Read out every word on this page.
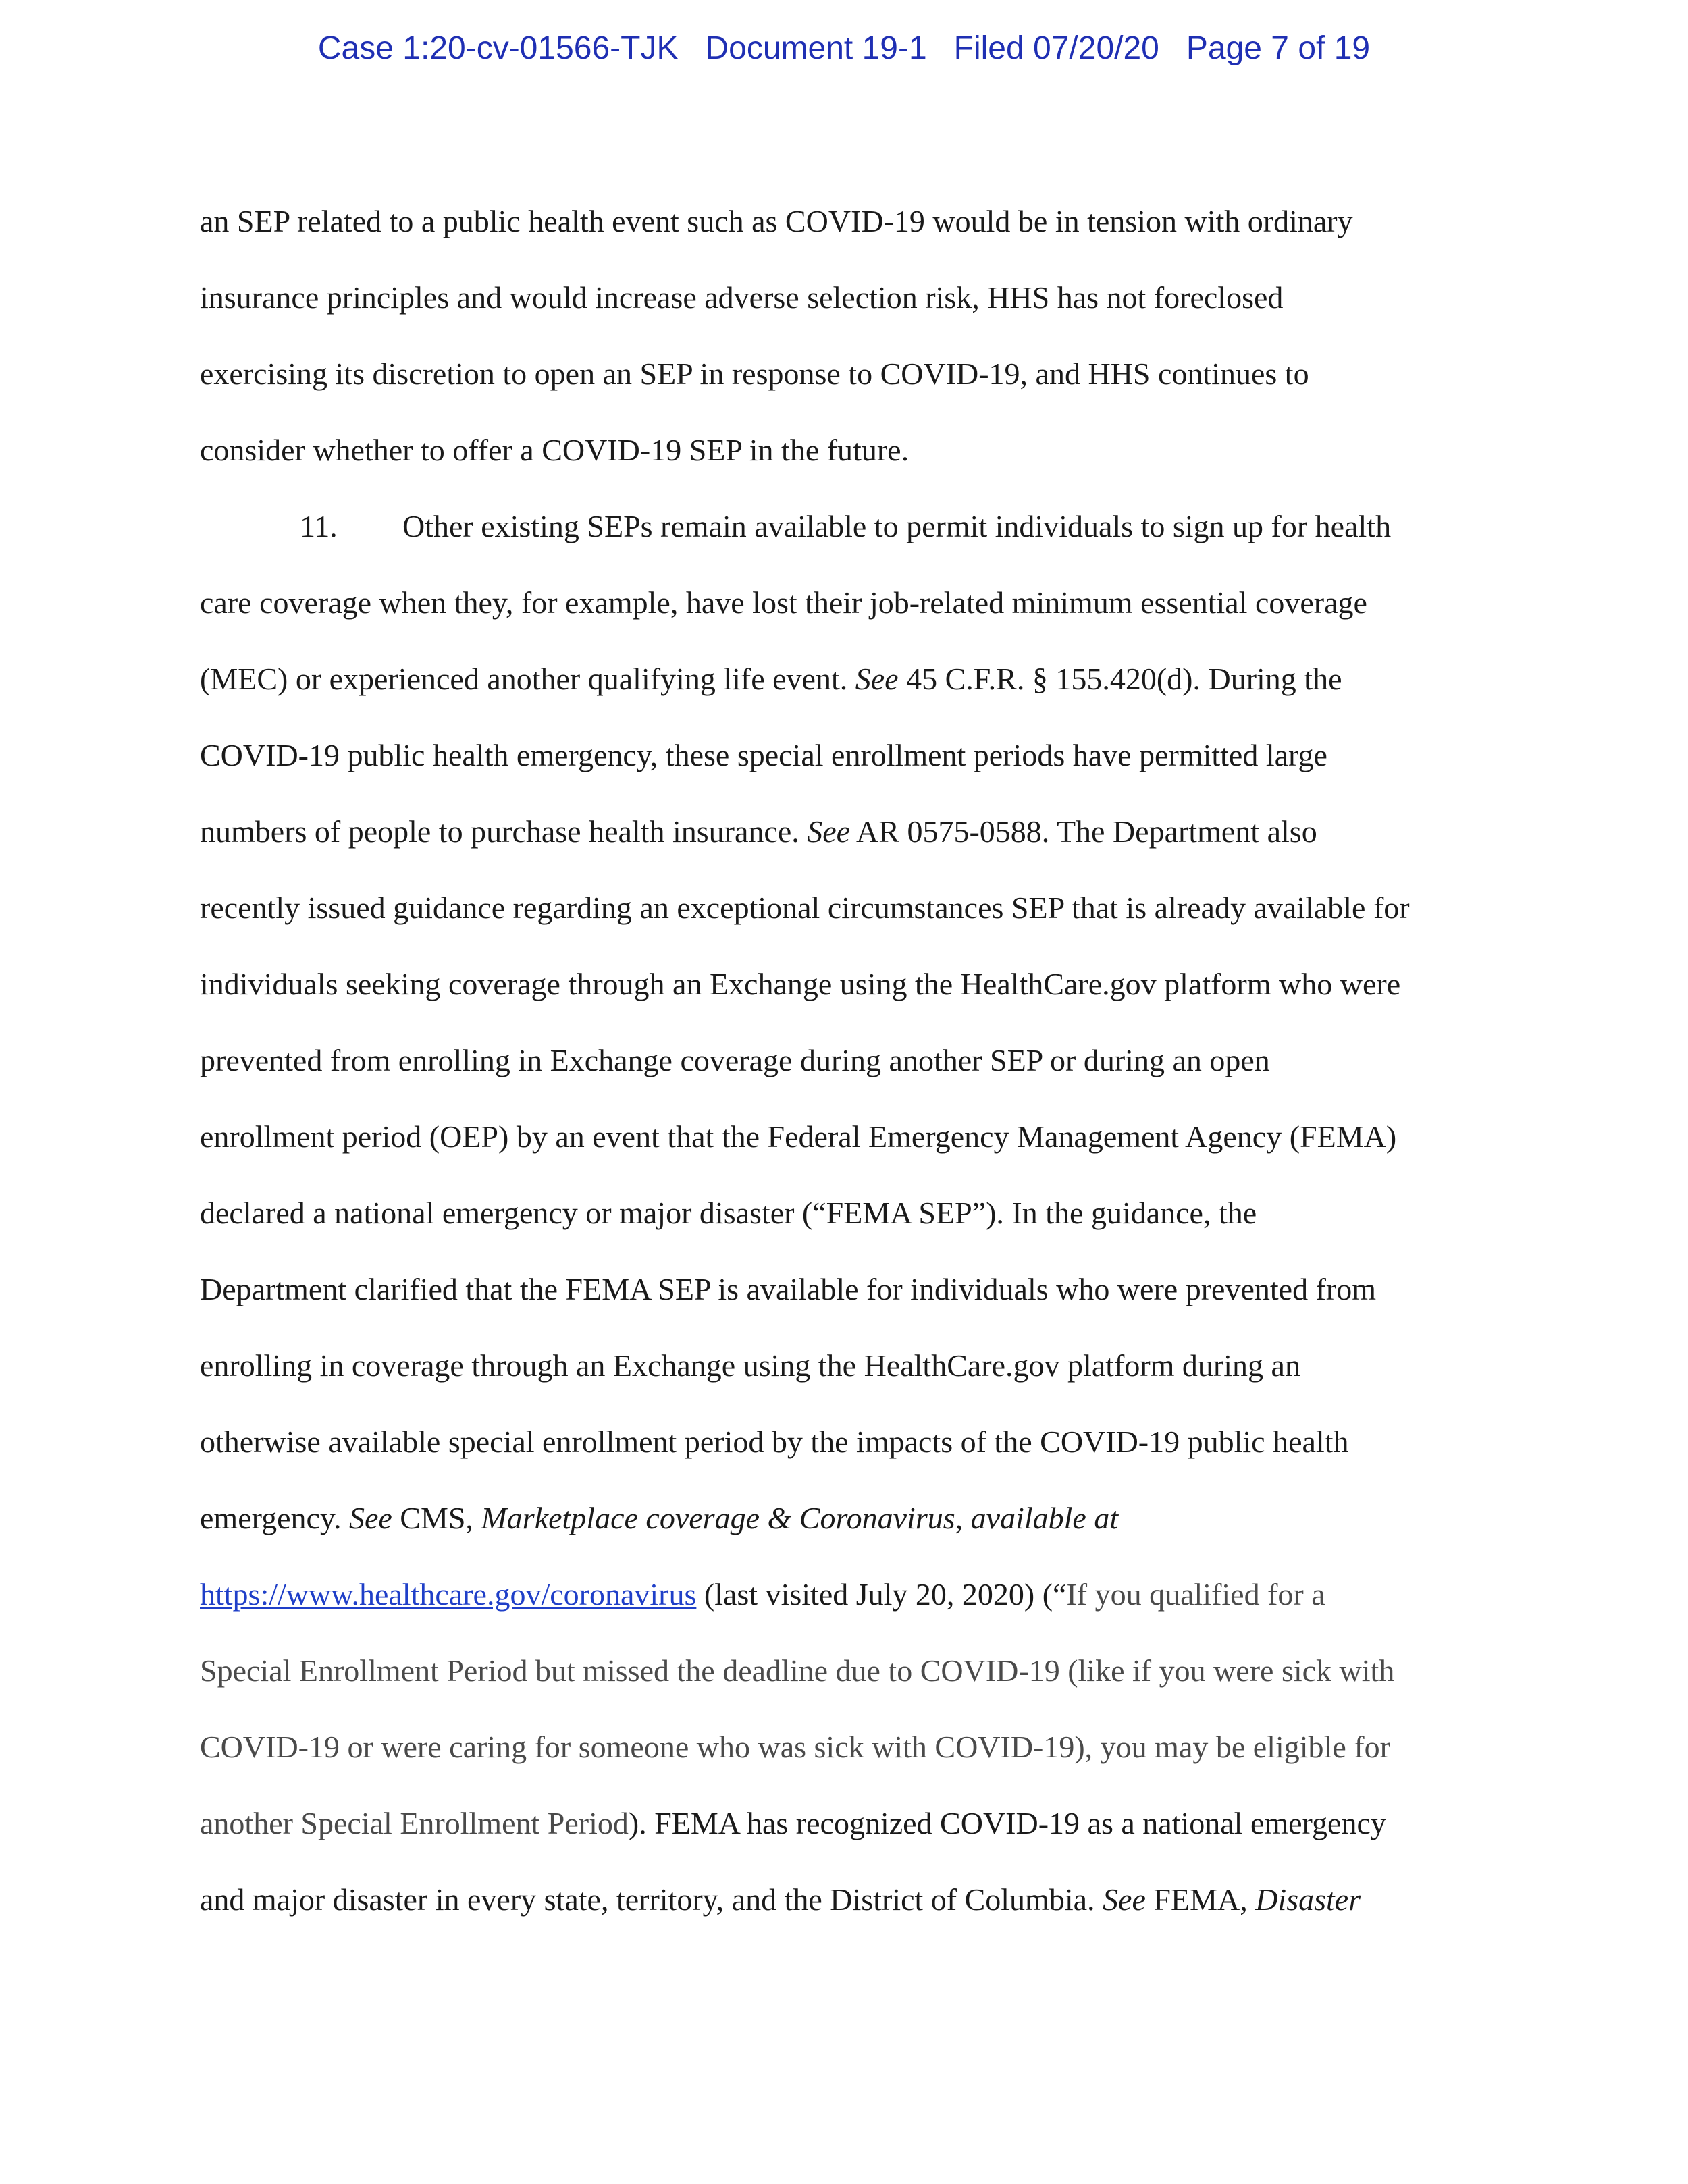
Case 1:20-cv-01566-TJK Document 19-1 Filed 07/20/20 Page 7 of 19
an SEP related to a public health event such as COVID-19 would be in tension with ordinary
insurance principles and would increase adverse selection risk, HHS has not foreclosed
exercising its discretion to open an SEP in response to COVID-19, and HHS continues to
consider whether to offer a COVID-19 SEP in the future.
11. Other existing SEPs remain available to permit individuals to sign up for health
care coverage when they, for example, have lost their job-related minimum essential coverage
(MEC) or experienced another qualifying life event. See 45 C.F.R. § 155.420(d). During the
COVID-19 public health emergency, these special enrollment periods have permitted large
numbers of people to purchase health insurance. See AR 0575-0588. The Department also
recently issued guidance regarding an exceptional circumstances SEP that is already available for
individuals seeking coverage through an Exchange using the HealthCare.gov platform who were
prevented from enrolling in Exchange coverage during another SEP or during an open
enrollment period (OEP) by an event that the Federal Emergency Management Agency (FEMA)
declared a national emergency or major disaster (“FEMA SEP”). In the guidance, the
Department clarified that the FEMA SEP is available for individuals who were prevented from
enrolling in coverage through an Exchange using the HealthCare.gov platform during an
otherwise available special enrollment period by the impacts of the COVID-19 public health
emergency. See CMS, Marketplace coverage & Coronavirus, available at
https://www.healthcare.gov/coronavirus (last visited July 20, 2020) (“If you qualified for a
Special Enrollment Period but missed the deadline due to COVID-19 (like if you were sick with
COVID-19 or were caring for someone who was sick with COVID-19), you may be eligible for
another Special Enrollment Period). FEMA has recognized COVID-19 as a national emergency
and major disaster in every state, territory, and the District of Columbia. See FEMA, Disaster
